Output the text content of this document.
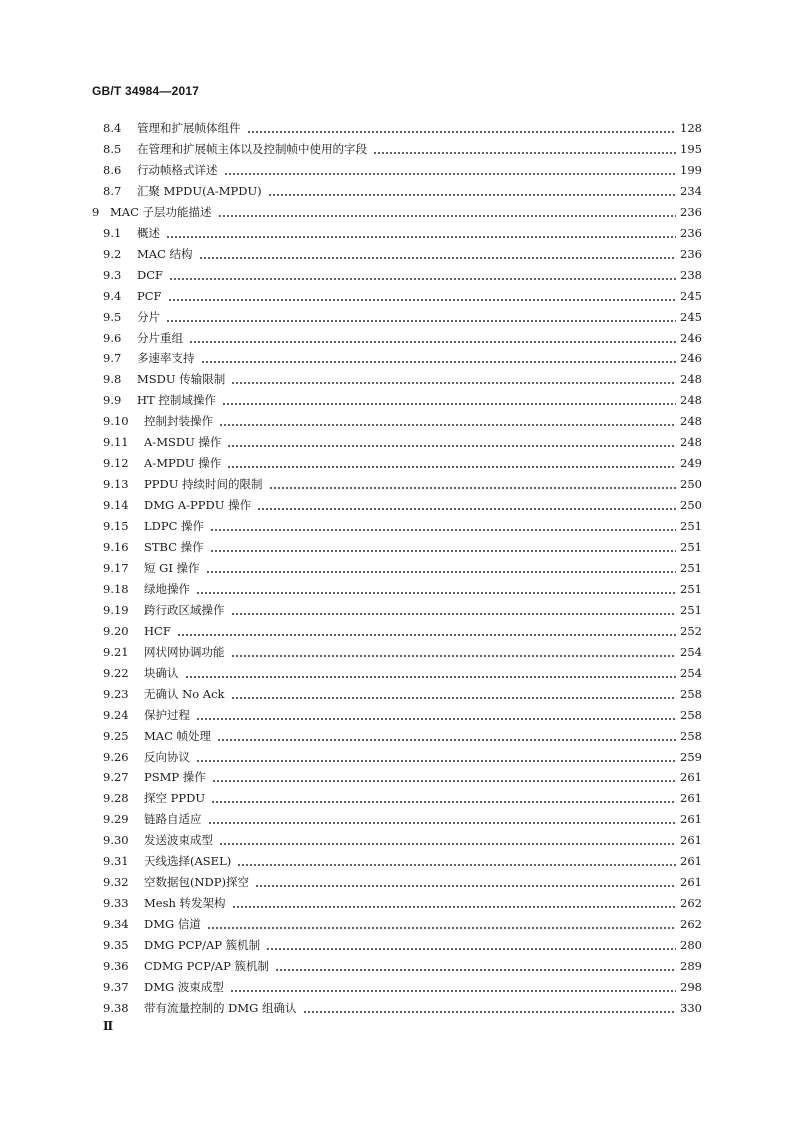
GB/T 34984—2017
8.4 管理和扩展帧体组件	128
8.5 在管理和扩展帧主体以及控制帧中使用的字段	195
8.6 行动帧格式详述	199
8.7 汇聚 MPDU(A-MPDU)	234
9 MAC 子层功能描述	236
9.1 概述	236
9.2 MAC 结构	236
9.3 DCF	238
9.4 PCF	245
9.5 分片	245
9.6 分片重组	246
9.7 多速率支持	246
9.8 MSDU 传输限制	248
9.9 HT 控制域操作	248
9.10 控制封装操作	248
9.11 A-MSDU 操作	248
9.12 A-MPDU 操作	249
9.13 PPDU 持续时间的限制	250
9.14 DMG A-PPDU 操作	250
9.15 LDPC 操作	251
9.16 STBC 操作	251
9.17 短 GI 操作	251
9.18 绿地操作	251
9.19 跨行政区域操作	251
9.20 HCF	252
9.21 网状网协调功能	254
9.22 块确认	254
9.23 无确认 No Ack	258
9.24 保护过程	258
9.25 MAC 帧处理	258
9.26 反向协议	259
9.27 PSMP 操作	261
9.28 探空 PPDU	261
9.29 链路自适应	261
9.30 发送波束成型	261
9.31 天线选择(ASEL)	261
9.32 空数据包(NDP)探空	261
9.33 Mesh 转发架构	262
9.34 DMG 信道	262
9.35 DMG PCP/AP 簇机制	280
9.36 CDMG PCP/AP 簇机制	289
9.37 DMG 波束成型	298
9.38 带有流量控制的 DMG 组确认	330
Ⅱ
